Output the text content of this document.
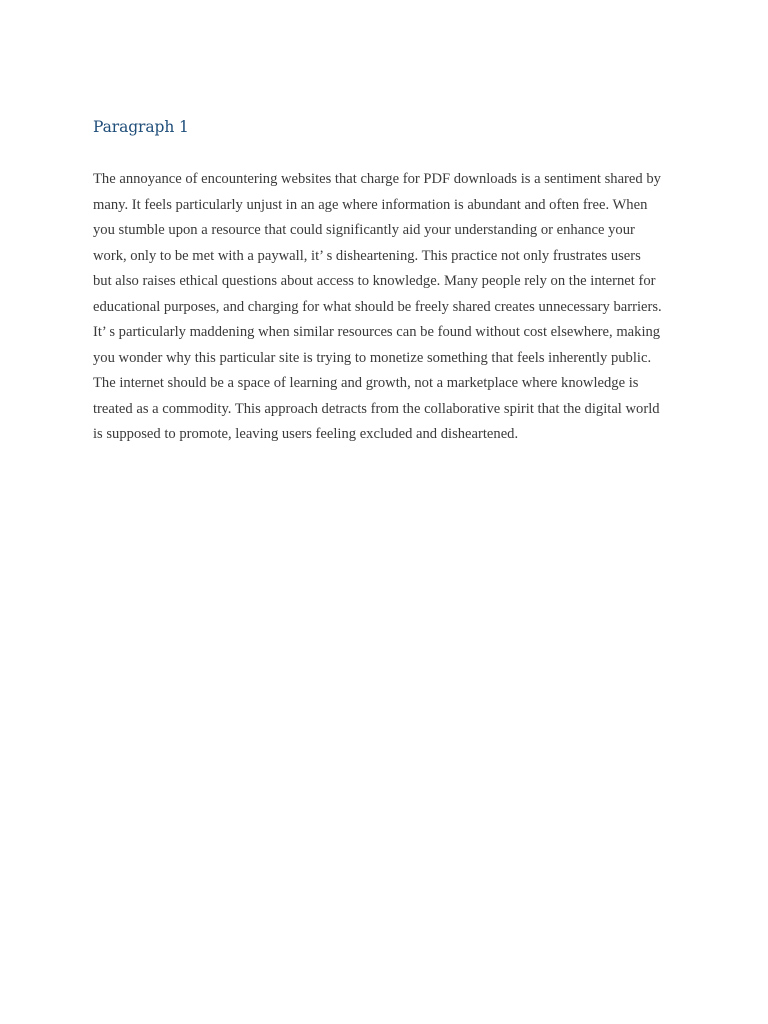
Paragraph 1

The annoyance of encountering websites that charge for PDF downloads is a sentiment shared by
many. It feels particularly unjust in an age where information is abundant and often free. When
you stumble upon a resource that could significantly aid your understanding or enhance your
work, only to be met with a paywall, it’ s disheartening. This practice not only frustrates users
but also raises ethical questions about access to knowledge. Many people rely on the internet for
educational purposes, and charging for what should be freely shared creates unnecessary barriers.
It’ s particularly maddening when similar resources can be found without cost elsewhere, making
you wonder why this particular site is trying to monetize something that feels inherently public.
The internet should be a space of learning and growth, not a marketplace where knowledge is
treated as a commodity. This approach detracts from the collaborative spirit that the digital world
is supposed to promote, leaving users feeling excluded and disheartened.
